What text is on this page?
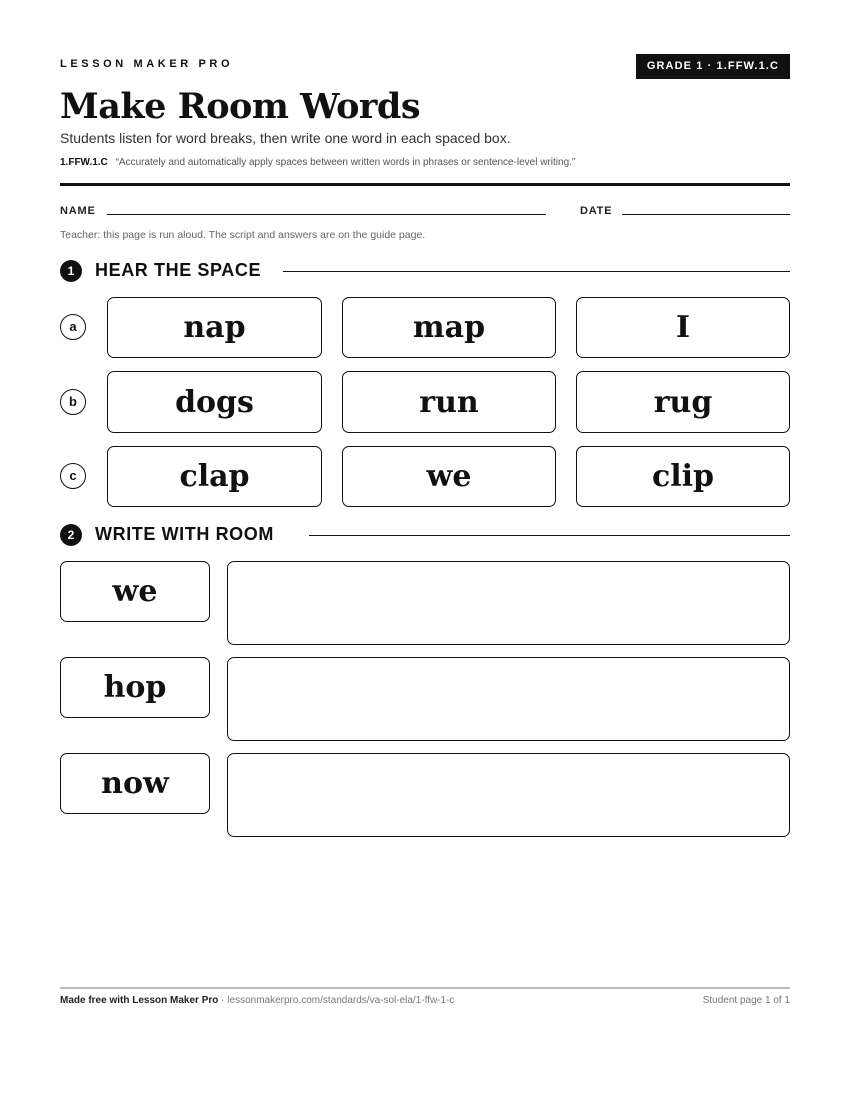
LESSON MAKER PRO	GRADE 1 · 1.FFW.1.C
Make Room Words
Students listen for word breaks, then write one word in each spaced box.
1.FFW.1.C “Accurately and automatically apply spaces between written words in phrases or sentence-level writing.”
NAME	DATE
Teacher: this page is run aloud. The script and answers are on the guide page.
1	HEAR THE SPACE
a	nap	map	I
b	dogs	run	rug
c	clap	we	clip
2	WRITE WITH ROOM
we
hop
now
Made free with Lesson Maker Pro · lessonmakerpro.com/standards/va-sol-ela/1-ffw-1-c	Student page 1 of 1
